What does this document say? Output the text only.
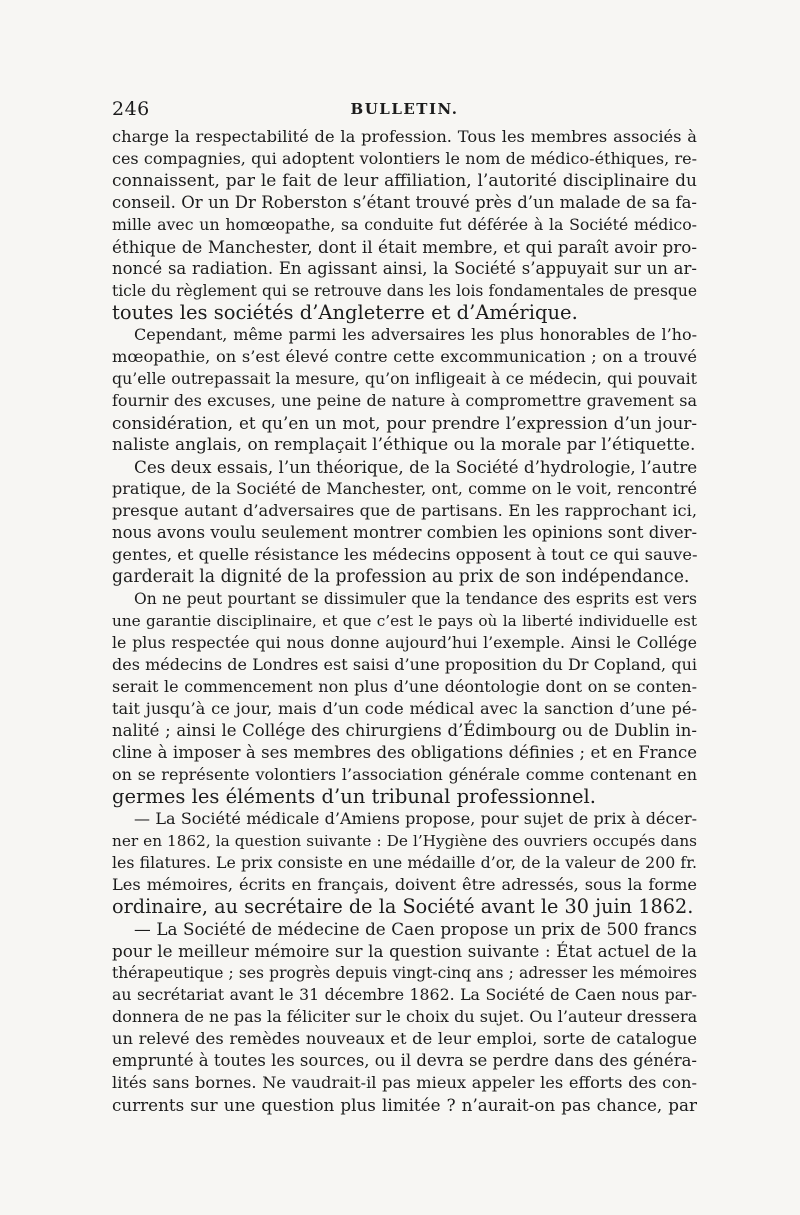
246	BULLETIN.
charge la respectabilité de la profession. Tous les membres associés à
ces compagnies, qui adoptent volontiers le nom de médico-éthiques, re-
connaissent, par le fait de leur affiliation, l’autorité disciplinaire du
conseil. Or un Dr Roberston s’étant trouvé près d’un malade de sa fa-
mille avec un homœopathe, sa conduite fut déférée à la Société médico-
éthique de Manchester, dont il était membre, et qui paraît avoir pro-
noncé sa radiation. En agissant ainsi, la Société s’appuyait sur un ar-
ticle du règlement qui se retrouve dans les lois fondamentales de presque
toutes les sociétés d’Angleterre et d’Amérique.
Cependant, même parmi les adversaires les plus honorables de l’ho-
mœopathie, on s’est élevé contre cette excommunication ; on a trouvé
qu’elle outrepassait la mesure, qu’on infligeait à ce médecin, qui pouvait
fournir des excuses, une peine de nature à compromettre gravement sa
considération, et qu’en un mot, pour prendre l’expression d’un jour-
naliste anglais, on remplaçait l’éthique ou la morale par l’étiquette.
Ces deux essais, l’un théorique, de la Société d’hydrologie, l’autre
pratique, de la Société de Manchester, ont, comme on le voit, rencontré
presque autant d’adversaires que de partisans. En les rapprochant ici,
nous avons voulu seulement montrer combien les opinions sont diver-
gentes, et quelle résistance les médecins opposent à tout ce qui sauve-
garderait la dignité de la profession au prix de son indépendance.
On ne peut pourtant se dissimuler que la tendance des esprits est vers
une garantie disciplinaire, et que c’est le pays où la liberté individuelle est
le plus respectée qui nous donne aujourd’hui l’exemple. Ainsi le Collége
des médecins de Londres est saisi d’une proposition du Dr Copland, qui
serait le commencement non plus d’une déontologie dont on se conten-
tait jusqu’à ce jour, mais d’un code médical avec la sanction d’une pé-
nalité ; ainsi le Collége des chirurgiens d’Édimbourg ou de Dublin in-
cline à imposer à ses membres des obligations définies ; et en France
on se représente volontiers l’association générale comme contenant en
germes les éléments d’un tribunal professionnel.
— La Société médicale d’Amiens propose, pour sujet de prix à décer-
ner en 1862, la question suivante : De l’Hygiène des ouvriers occupés dans
les filatures. Le prix consiste en une médaille d’or, de la valeur de 200 fr.
Les mémoires, écrits en français, doivent être adressés, sous la forme
ordinaire, au secrétaire de la Société avant le 30 juin 1862.
— La Société de médecine de Caen propose un prix de 500 francs
pour le meilleur mémoire sur la question suivante : État actuel de la
thérapeutique ; ses progrès depuis vingt-cinq ans ; adresser les mémoires
au secrétariat avant le 31 décembre 1862. La Société de Caen nous par-
donnera de ne pas la féliciter sur le choix du sujet. Ou l’auteur dressera
un relevé des remèdes nouveaux et de leur emploi, sorte de catalogue
emprunté à toutes les sources, ou il devra se perdre dans des généra-
lités sans bornes. Ne vaudrait-il pas mieux appeler les efforts des con-
currents sur une question plus limitée ? n’aurait-on pas chance, par
